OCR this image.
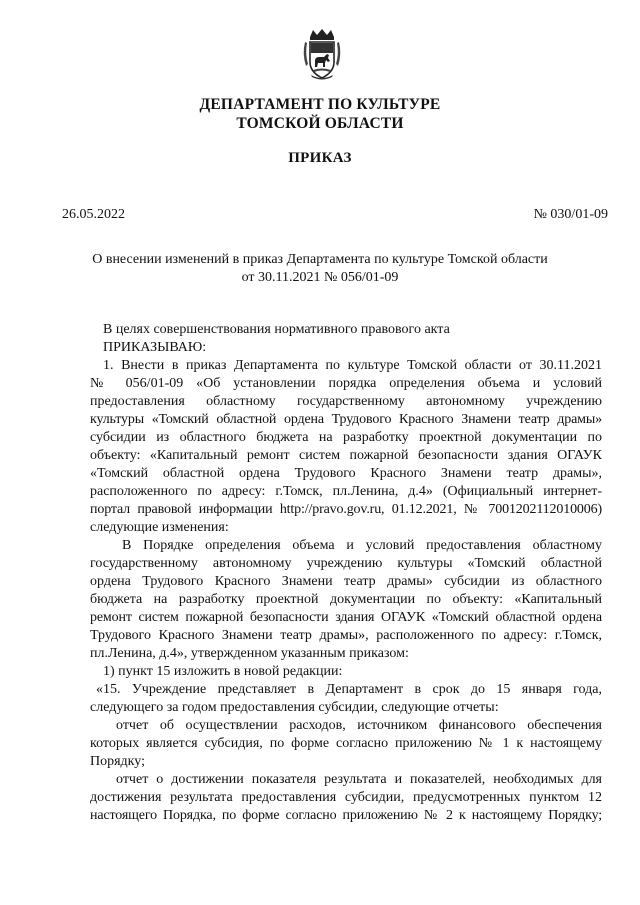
ДЕПАРТАМЕНТ ПО КУЛЬТУРЕ
ТОМСКОЙ ОБЛАСТИ
ПРИКАЗ
26.05.2022	№ 030/01-09
О внесении изменений в приказ Департамента по культуре Томской области
от 30.11.2021 № 056/01-09
В целях совершенствования нормативного правового акта
ПРИКАЗЫВАЮ:
1. Внести в приказ Департамента по культуре Томской области от 30.11.2021
№ 056/01-09 «Об установлении порядка определения объема и условий
предоставления областному государственному автономному учреждению
культуры «Томский областной ордена Трудового Красного Знамени театр драмы»
субсидии из областного бюджета на разработку проектной документации по
объекту: «Капитальный ремонт систем пожарной безопасности здания ОГАУК
«Томский областной ордена Трудового Красного Знамени театр драмы»,
расположенного по адресу: г.Томск, пл.Ленина, д.4» (Официальный интернет-
портал правовой информации http://pravo.gov.ru, 01.12.2021, № 7001202112010006)
следующие изменения:
В Порядке определения объема и условий предоставления областному
государственному автономному учреждению культуры «Томский областной
ордена Трудового Красного Знамени театр драмы» субсидии из областного
бюджета на разработку проектной документации по объекту: «Капитальный
ремонт систем пожарной безопасности здания ОГАУК «Томский областной ордена
Трудового Красного Знамени театр драмы», расположенного по адресу: г.Томск,
пл.Ленина, д.4», утвержденном указанным приказом:
1) пункт 15 изложить в новой редакции:
«15. Учреждение представляет в Департамент в срок до 15 января года,
следующего за годом предоставления субсидии, следующие отчеты:
отчет об осуществлении расходов, источником финансового обеспечения
которых является субсидия, по форме согласно приложению № 1 к настоящему
Порядку;
отчет о достижении показателя результата и показателей, необходимых для
достижения результата предоставления субсидии, предусмотренных пунктом 12
настоящего Порядка, по форме согласно приложению № 2 к настоящему Порядку;
